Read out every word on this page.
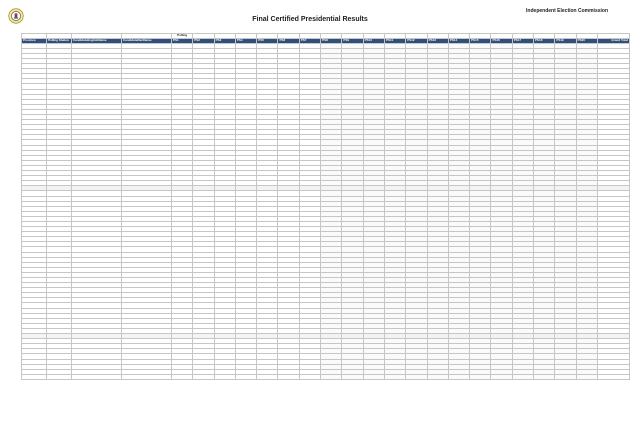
Independent Election Commission
Final Certified Presidential Results
				Polling																				
Province	Polling Station	CandidateEnglishName	CandidateDariName	PS1	PS2	PS3	PS4	PS5	PS6	PS7	PS8	PS9	PS10	PS11	PS12	PS13	PS14	PS15	PS16	PS17	PS18	PS19	PS20	Grand Total
